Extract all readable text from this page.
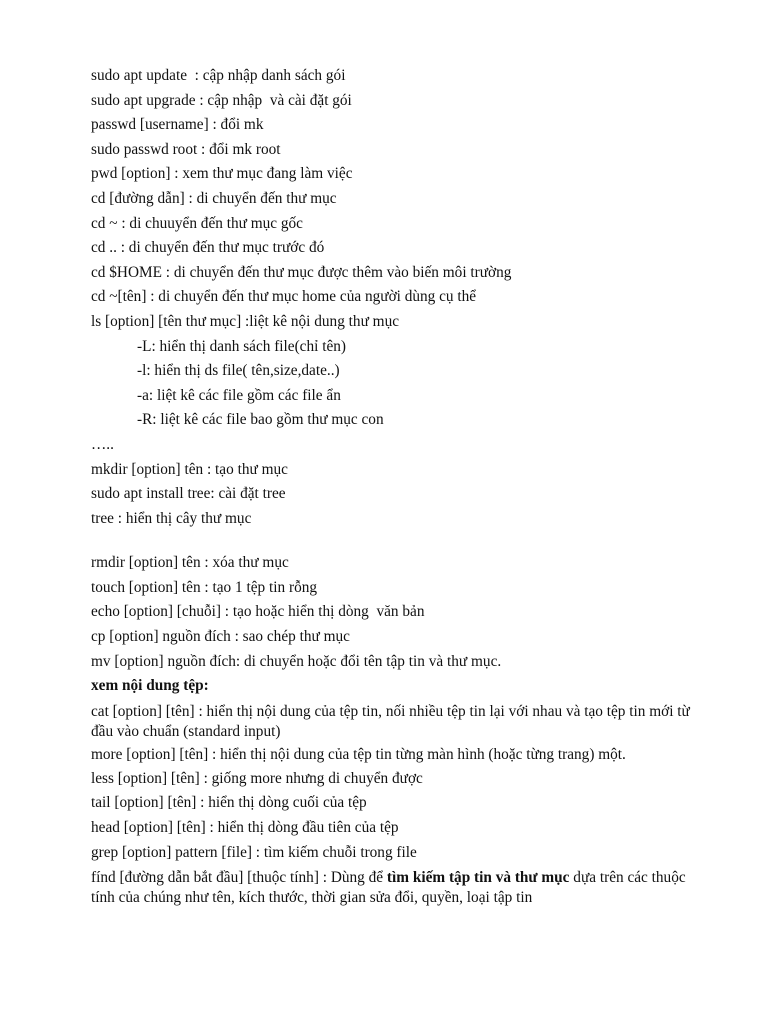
sudo apt update  : cập nhập danh sách gói
sudo apt upgrade : cập nhập  và cài đặt gói
passwd [username] : đổi mk
sudo passwd root : đổi mk root
pwd [option] : xem thư mục đang làm việc
cd [đường dẫn] : di chuyển đến thư mục
cd ~ : di chuuyển đến thư mục gốc
cd .. : di chuyển đến thư mục trước đó
cd $HOME : di chuyển đến thư mục được thêm vào biến môi trường
cd ~[tên] : di chuyển đến thư mục home của người dùng cụ thể
ls [option] [tên thư mục] :liệt kê nội dung thư mục
-L: hiển thị danh sách file(chỉ tên)
-l: hiển thị ds file( tên,size,date..)
-a: liệt kê các file gồm các file ẩn
-R: liệt kê các file bao gồm thư mục con
…..
mkdir [option] tên : tạo thư mục
sudo apt install tree: cài đặt tree
tree : hiển thị cây thư mục
rmdir [option] tên : xóa thư mục
touch [option] tên : tạo 1 tệp tin rỗng
echo [option] [chuỗi] : tạo hoặc hiển thị dòng  văn bản
cp [option] nguồn đích : sao chép thư mục
mv [option] nguồn đích: di chuyển hoặc đổi tên tập tin và thư mục.
xem nội dung tệp:
cat [option] [tên] : hiển thị nội dung của tệp tin, nối nhiều tệp tin lại với nhau và tạo tệp tin mới từ đầu vào chuẩn (standard input)
more [option] [tên] : hiển thị nội dung của tệp tin từng màn hình (hoặc từng trang) một.
less [option] [tên] : giống more nhưng di chuyển được
tail [option] [tên] : hiển thị dòng cuối của tệp
head [option] [tên] : hiển thị dòng đầu tiên của tệp
grep [option] pattern [file] : tìm kiếm chuỗi trong file
fínd [đường dẫn bắt đầu] [thuộc tính] : Dùng để tìm kiếm tập tin và thư mục dựa trên các thuộc tính của chúng như tên, kích thước, thời gian sửa đổi, quyền, loại tập tin
